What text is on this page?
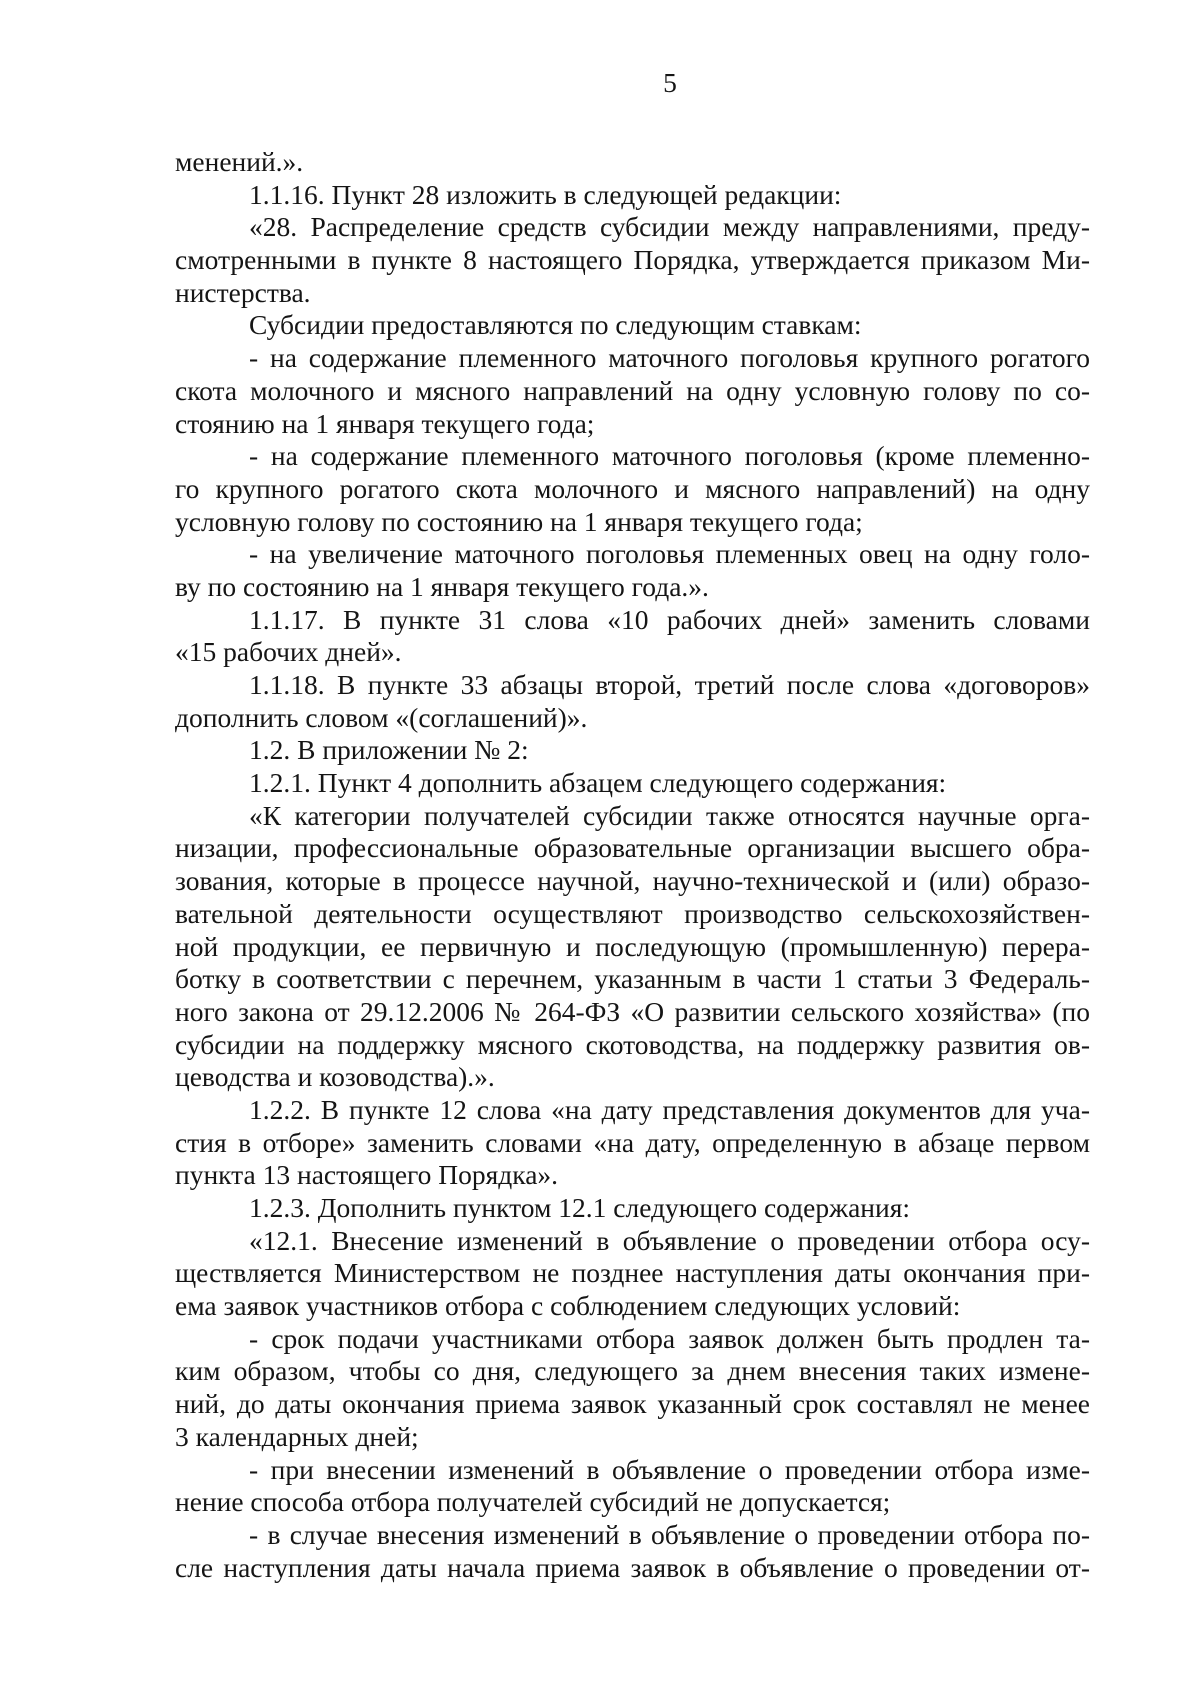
5
менений.».
1.1.16. Пункт 28 изложить в следующей редакции:
«28. Распределение средств субсидии между направлениями, преду-
смотренными в пункте 8 настоящего Порядка, утверждается приказом Ми-
нистерства.
Субсидии предоставляются по следующим ставкам:
- на содержание племенного маточного поголовья крупного рогатого
скота молочного и мясного направлений на одну условную голову по со-
стоянию на 1 января текущего года;
- на содержание племенного маточного поголовья (кроме племенно-
го крупного рогатого скота молочного и мясного направлений) на одну
условную голову по состоянию на 1 января текущего года;
- на увеличение маточного поголовья племенных овец на одну голо-
ву по состоянию на 1 января текущего года.».
1.1.17. В пункте 31 слова «10 рабочих дней» заменить словами
«15 рабочих дней».
1.1.18. В пункте 33 абзацы второй, третий после слова «договоров»
дополнить словом «(соглашений)».
1.2. В приложении № 2:
1.2.1. Пункт 4 дополнить абзацем следующего содержания:
«К категории получателей субсидии также относятся научные орга-
низации, профессиональные образовательные организации высшего обра-
зования, которые в процессе научной, научно-технической и (или) образо-
вательной деятельности осуществляют производство сельскохозяйствен-
ной продукции, ее первичную и последующую (промышленную) перера-
ботку в соответствии с перечнем, указанным в части 1 статьи 3 Федераль-
ного закона от 29.12.2006 № 264-ФЗ «О развитии сельского хозяйства» (по
субсидии на поддержку мясного скотоводства, на поддержку развития ов-
цеводства и козоводства).».
1.2.2. В пункте 12 слова «на дату представления документов для уча-
стия в отборе» заменить словами «на дату, определенную в абзаце первом
пункта 13 настоящего Порядка».
1.2.3. Дополнить пунктом 12.1 следующего содержания:
«12.1. Внесение изменений в объявление о проведении отбора осу-
ществляется Министерством не позднее наступления даты окончания при-
ема заявок участников отбора с соблюдением следующих условий:
- срок подачи участниками отбора заявок должен быть продлен та-
ким образом, чтобы со дня, следующего за днем внесения таких измене-
ний, до даты окончания приема заявок указанный срок составлял не менее
3 календарных дней;
- при внесении изменений в объявление о проведении отбора изме-
нение способа отбора получателей субсидий не допускается;
- в случае внесения изменений в объявление о проведении отбора по-
сле наступления даты начала приема заявок в объявление о проведении от-
